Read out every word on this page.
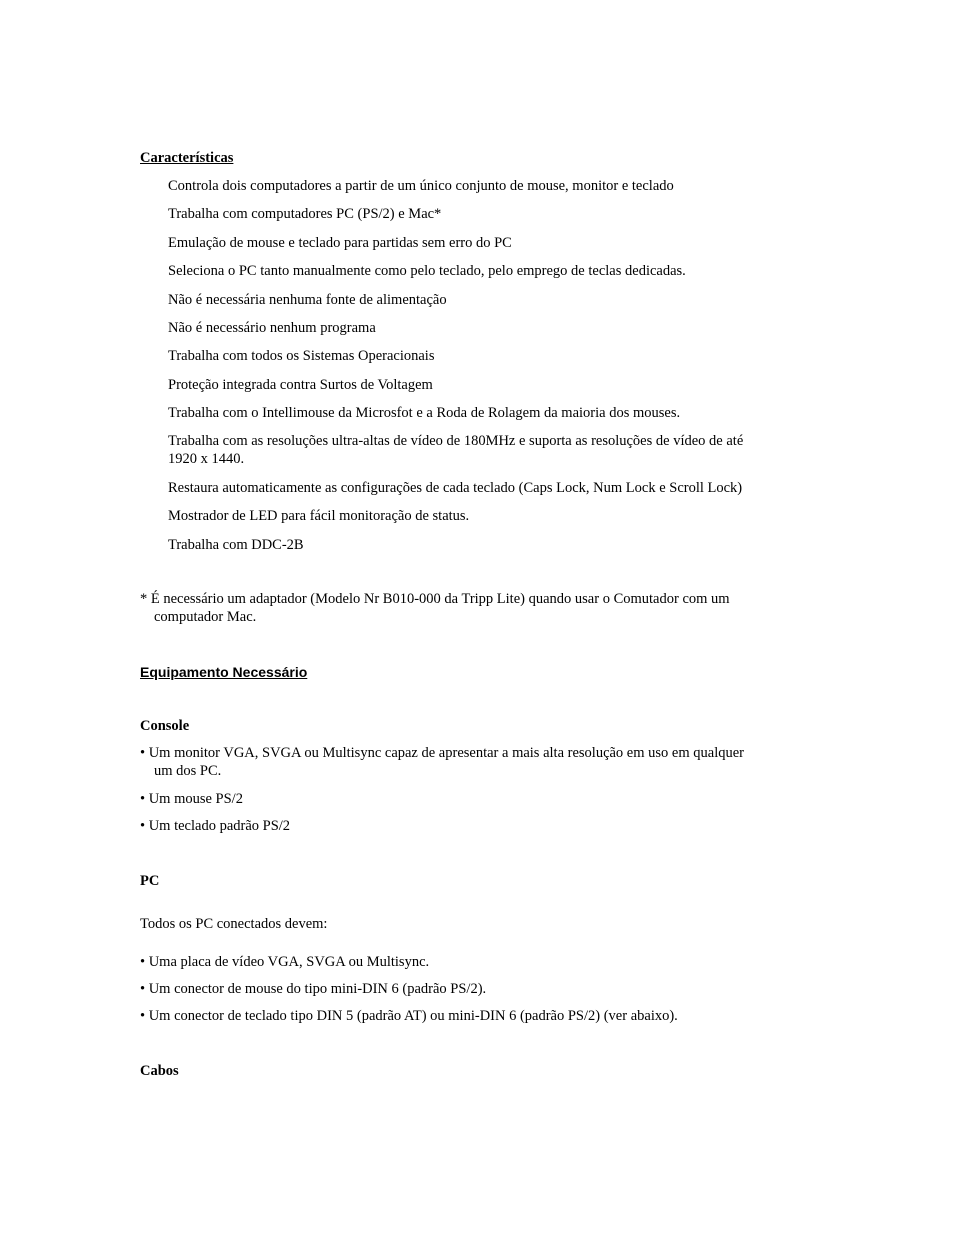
Características
Controla dois computadores a partir de um único conjunto de mouse, monitor e teclado
Trabalha com computadores PC (PS/2) e Mac*
Emulação de mouse e teclado para partidas sem erro do PC
Seleciona o PC tanto manualmente como pelo teclado, pelo emprego de teclas dedicadas.
Não é necessária nenhuma fonte de alimentação
Não é necessário nenhum programa
Trabalha com todos os Sistemas Operacionais
Proteção integrada contra Surtos de Voltagem
Trabalha com o Intellimouse da Microsfot e a Roda de Rolagem da maioria dos mouses.
Trabalha com as resoluções ultra-altas de vídeo de 180MHz e suporta as resoluções de vídeo de até
1920 x 1440.
Restaura automaticamente as configurações de cada teclado (Caps Lock, Num Lock e Scroll Lock)
Mostrador de LED para fácil monitoração de status.
Trabalha com DDC-2B
* É necessário um adaptador (Modelo Nr B010-000 da Tripp Lite) quando usar o Comutador com um
computador Mac.
Equipamento Necessário
Console
• Um monitor VGA, SVGA ou Multisync capaz de apresentar a mais alta resolução em uso em qualquer
um dos PC.
• Um mouse PS/2
• Um teclado padrão PS/2
PC
Todos os PC conectados devem:
• Uma placa de vídeo VGA, SVGA ou Multisync.
• Um conector de mouse do tipo mini-DIN 6 (padrão PS/2).
• Um conector de teclado tipo DIN 5 (padrão AT) ou mini-DIN 6 (padrão PS/2) (ver abaixo).
Cabos
